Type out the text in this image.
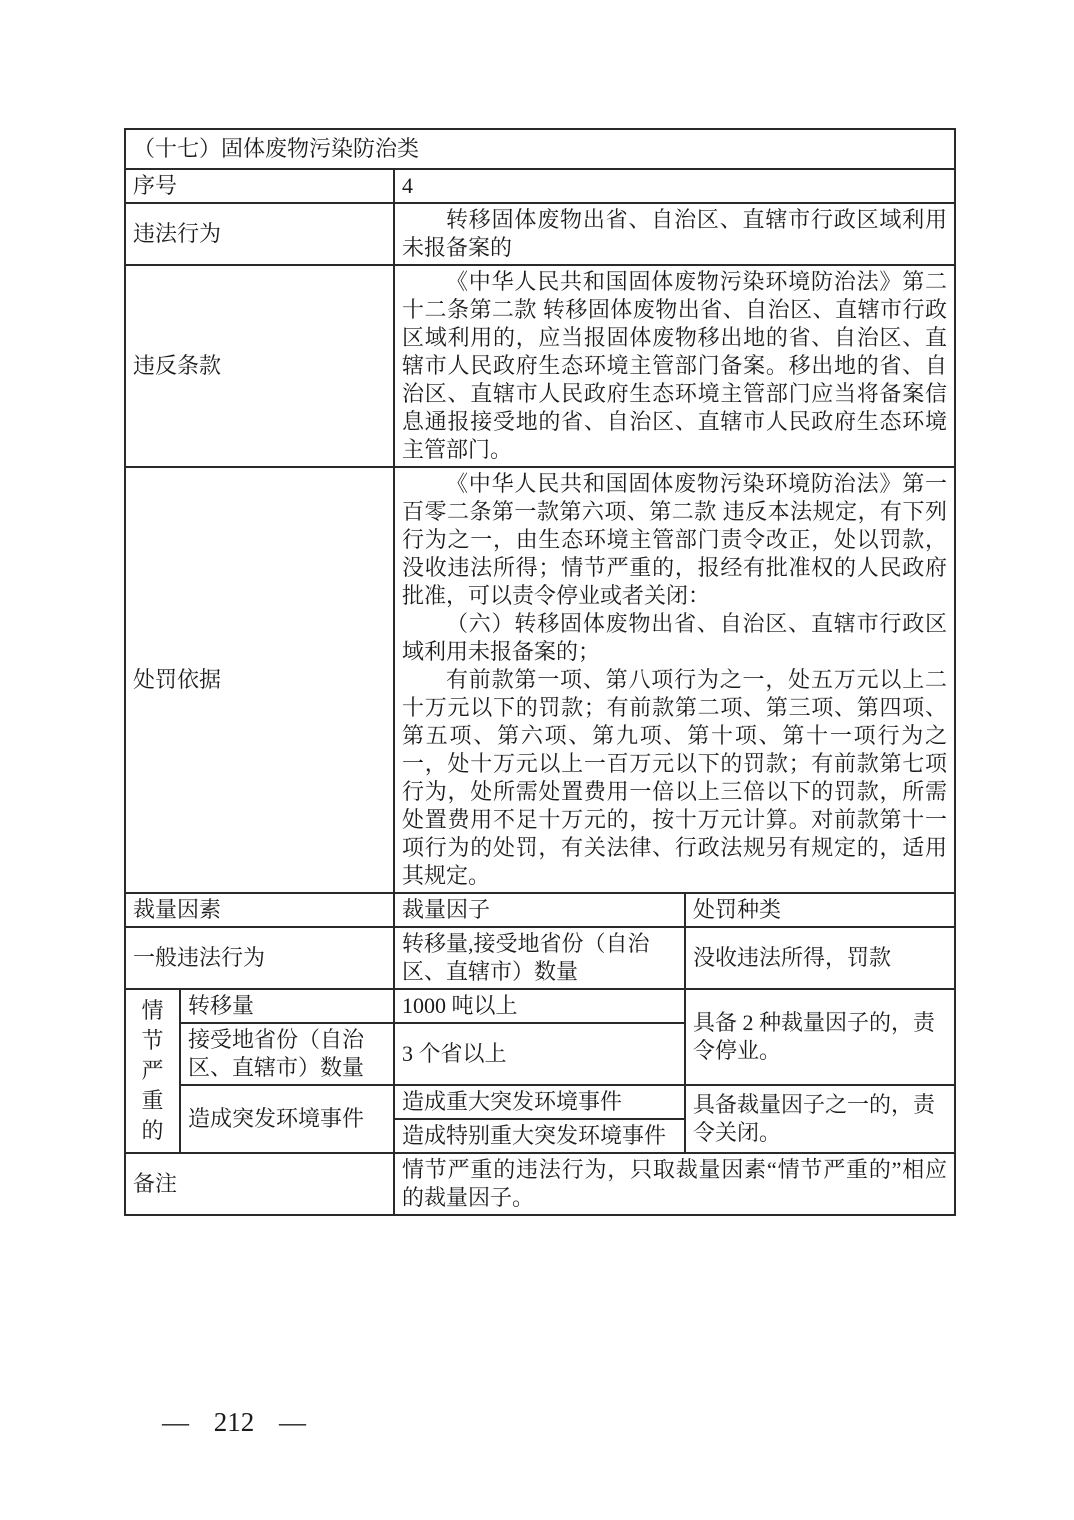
（十七）固体废物污染防治类			
序号		4	
违法行为		转移固体废物出省、自治区、直辖市行政区域利用未报备案的	

违反条款		《中华人民共和国固体废物污染环境防治法》第二十二条第二款 转移固体废物出省、自治区、直辖市行政区域利用的，应当报固体废物移出地的省、自治区、直辖市人民政府生态环境主管部门备案。移出地的省、自治区、直辖市人民政府生态环境主管部门应当将备案信息通报接受地的省、自治区、直辖市人民政府生态环境主管部门。	

处罚依据		《中华人民共和国固体废物污染环境防治法》第一百零二条第一款第六项、第二款 违反本法规定，有下列行为之一，由生态环境主管部门责令改正，处以罚款，没收违法所得；情节严重的，报经有批准权的人民政府批准，可以责令停业或者关闭：

（六）转移固体废物出省、自治区、直辖市行政区域利用未报备案的；

有前款第一项、第八项行为之一，处五万元以上二十万元以下的罚款；有前款第二项、第三项、第四项、第五项、第六项、第九项、第十项、第十一项行为之一，处十万元以上一百万元以下的罚款；有前款第七项行为，处所需处置费用一倍以上三倍以下的罚款，所需处置费用不足十万元的，按十万元计算。对前款第十一项行为的处罚，有关法律、行政法规另有规定的，适用其规定。	

裁量因素		裁量因子	处罚种类
一般违法行为		转移量,接受地省份（自治区、直辖市）数量	没收违法所得，罚款

情节严重的	转移量	1000 吨以上	具备 2 种裁量因子的，责令停业。
	接受地省份（自治区、直辖市）数量	3 个省以上	
	造成突发环境事件	造成重大突发环境事件	具备裁量因子之一的，责令关闭。
		造成特别重大突发环境事件	
备注		情节严重的违法行为，只取裁量因素“情节严重的”相应的裁量因子。	

— 212 —
